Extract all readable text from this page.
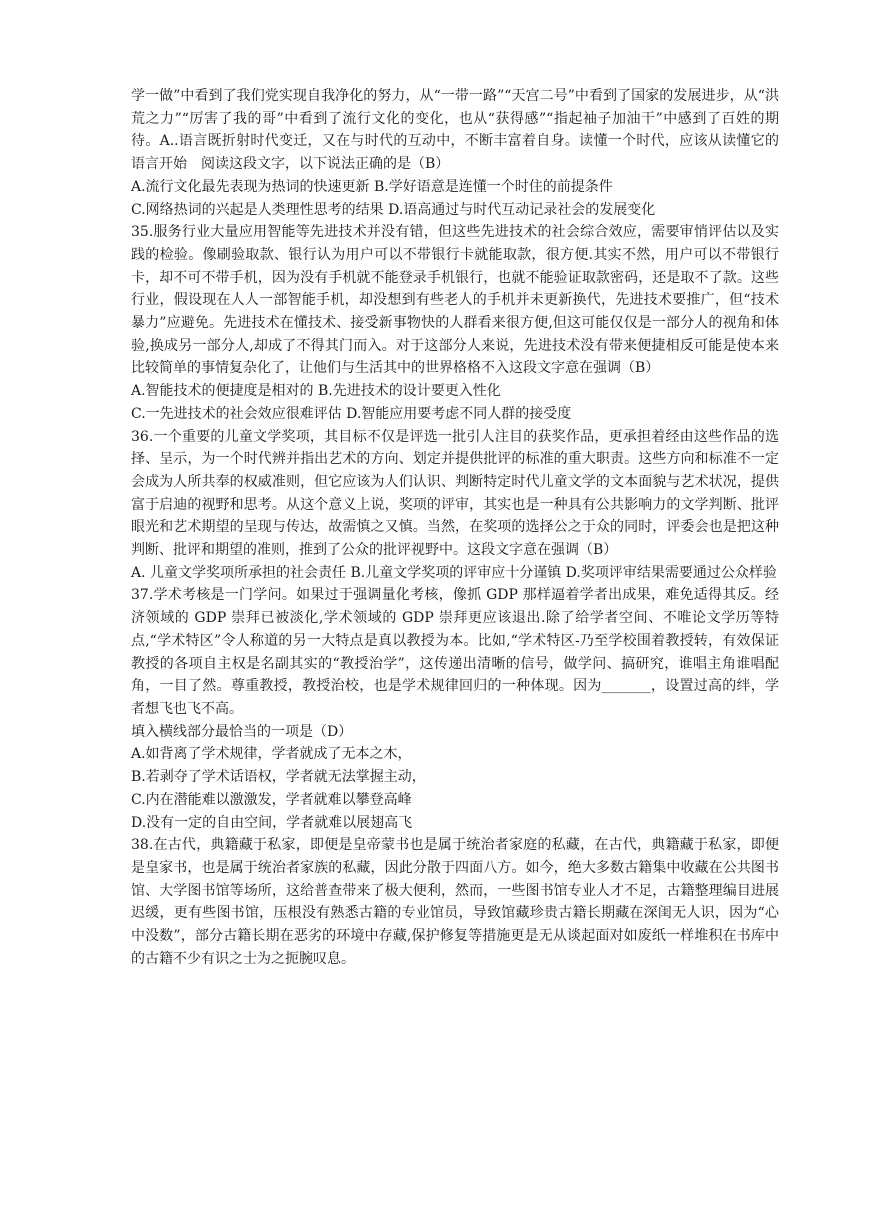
学一做”中看到了我们党实现自我净化的努力，从“一带一路”“天宫二号”中看到了国家的发展进步，从“洪荒之力”“厉害了我的哥”中看到了流行文化的变化，也从“获得感”“指起袖子加油干”中感到了百姓的期待。A..语言既折射时代变迁，又在与时代的互动中，不断丰富着自身。读懂一个时代，应该从读懂它的语言开始　阅读这段文字，以下说法正确的是（B）

A.流行文化最先表现为热词的快速更新 B.学好语意是连懂一个时住的前提条件

C.网络热词的兴起是人类理性思考的结果 D.语高通过与时代互动记录社会的发展变化

35.服务行业大量应用智能等先进技术并没有错，但这些先进技术的社会综合效应，需要审悄评估以及实践的检验。像刷验取款、银行认为用户可以不带银行卡就能取款，很方便.其实不然，用户可以不带银行卡，却不可不带手机，因为没有手机就不能登录手机银行，也就不能验证取款密码，还是取不了款。这些行业，假设现在人人一部智能手机，却没想到有些老人的手机并未更新换代，先进技术要推广，但“技术暴力”应避免。先进技术在懂技术、接受新事物快的人群看来很方便,但这可能仅仅是一部分人的视角和体验,换成另一部分人,却成了不得其门而入。对于这部分人来说，先进技术没有带来便捷相反可能是使本来比较简单的事情复杂化了，让他们与生活其中的世界格格不入这段文字意在强调（B）

A.智能技术的便捷度是相对的 B.先进技术的设计要更入性化

C.一先进技术的社会效应很难评估 D.智能应用要考虑不同人群的接受度

36.一个重要的儿童文学奖项，其目标不仅是评选一批引人注目的获奖作品，更承担着经由这些作品的选择、呈示，为一个时代辨并指出艺术的方向、划定并提供批评的标准的重大职责。这些方向和标准不一定会成为人所共奉的权威准则，但它应该为人们认识、判断特定时代儿童文学的文本面貌与艺术状况，提供富于启迪的视野和思考。从这个意义上说，奖项的评审，其实也是一种具有公共影响力的文学判断、批评眼光和艺术期望的呈现与传达，故需慎之又慎。当然，在奖项的选择公之于众的同时，评委会也是把这种判断、批评和期望的准则，推到了公众的批评视野中。这段文字意在强调（B）

A. 儿童文学奖项所承担的社会责任 B.儿童文学奖项的评审应十分谨镇 D.奖项评审结果需要通过公众样验

37.学术考核是一门学问。如果过于强调量化考核，像抓 GDP 那样逼着学者出成果，难免适得其反。经济领域的 GDP 崇拜已被淡化,学术领域的 GDP 崇拜更应该退出.除了给学者空间、不唯论文学历等特点,“学术特区”令人称道的另一大特点是真以教授为本。比如,“学术特区-乃至学校围着教授转，有效保证教授的各项自主权是名副其实的“教授治学”，这传递出清晰的信号，做学问、搞研究，谁唱主角谁唱配角，一目了然。尊重教授，教授治校，也是学术规律回归的一种体现。因为_______，设置过高的绊，学者想飞也飞不高。

填入横线部分最恰当的一项是（D）

A.如背离了学术规律，学者就成了无本之木，

B.若剥夺了学术话语权，学者就无法掌握主动，

C.内在潜能难以激激发，学者就难以攀登高峰

D.没有一定的自由空间，学者就难以展翅高飞

38.在古代，典籍藏于私家，即便是皇帝蒙书也是属于统治者家庭的私藏，在古代，典籍藏于私家，即便是皇家书，也是属于统治者家族的私藏，因此分散于四面八方。如今，绝大多数古籍集中收藏在公共图书馆、大学图书馆等场所，这给普查带来了极大便利，然而，一些图书馆专业人才不足，古籍整理编目进展迟缓，更有些图书馆，压根没有熟悉古籍的专业馆员，导致馆藏珍贵古籍长期藏在深闺无人识，因为“心中没数”，部分古籍长期在恶劣的环境中存藏,保护修复等措施更是无从谈起面对如废纸一样堆积在书库中的古籍不少有识之士为之扼腕叹息。
